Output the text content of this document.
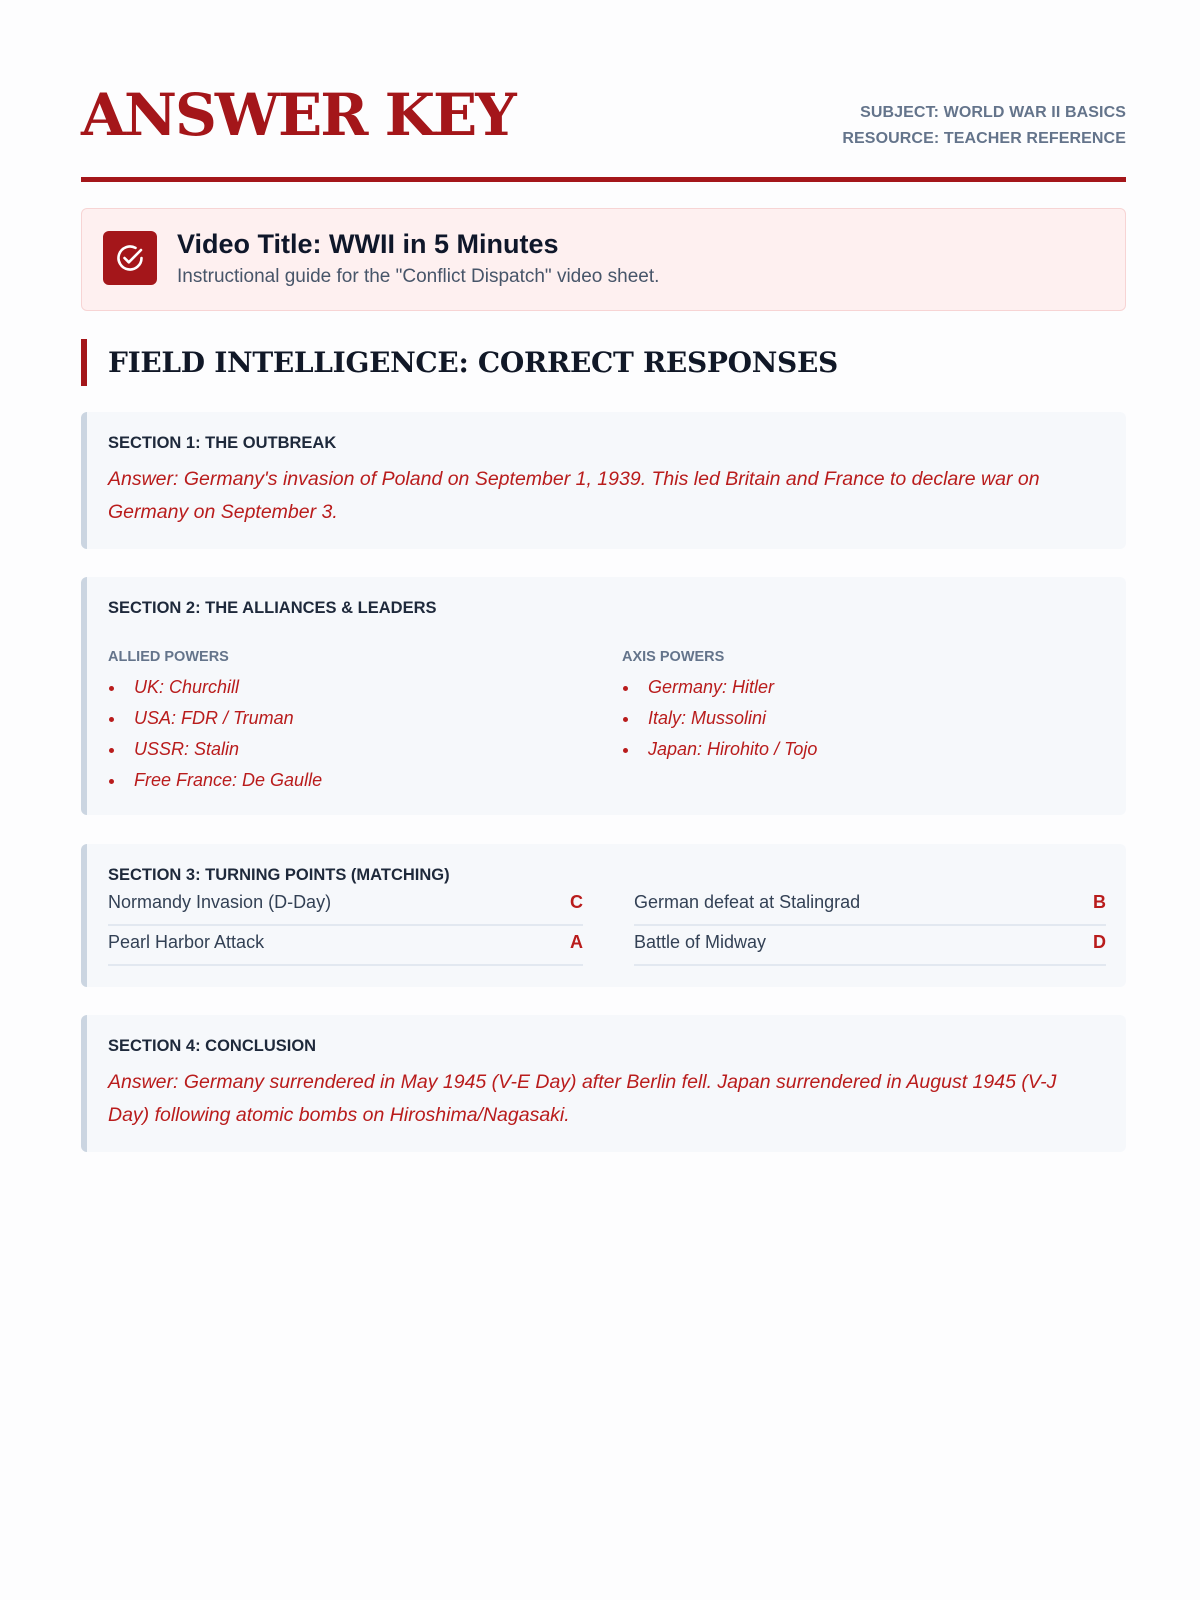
ANSWER KEY	SUBJECT: WORLD WAR II BASICS
RESOURCE: TEACHER REFERENCE
Video Title: WWII in 5 Minutes
Instructional guide for the "Conflict Dispatch" video sheet.
FIELD INTELLIGENCE: CORRECT RESPONSES
SECTION 1: THE OUTBREAK
Answer: Germany's invasion of Poland on September 1, 1939. This led Britain and France to declare war on Germany on September 3.
SECTION 2: THE ALLIANCES & LEADERS
ALLIED POWERS
UK: Churchill
USA: FDR / Truman
USSR: Stalin
Free France: De Gaulle
AXIS POWERS
Germany: Hitler
Italy: Mussolini
Japan: Hirohito / Tojo
SECTION 3: TURNING POINTS (MATCHING)
Normandy Invasion (D-Day)	C	German defeat at Stalingrad	B
Pearl Harbor Attack	A	Battle of Midway	D
SECTION 4: CONCLUSION
Answer: Germany surrendered in May 1945 (V-E Day) after Berlin fell. Japan surrendered in August 1945 (V-J Day) following atomic bombs on Hiroshima/Nagasaki.
